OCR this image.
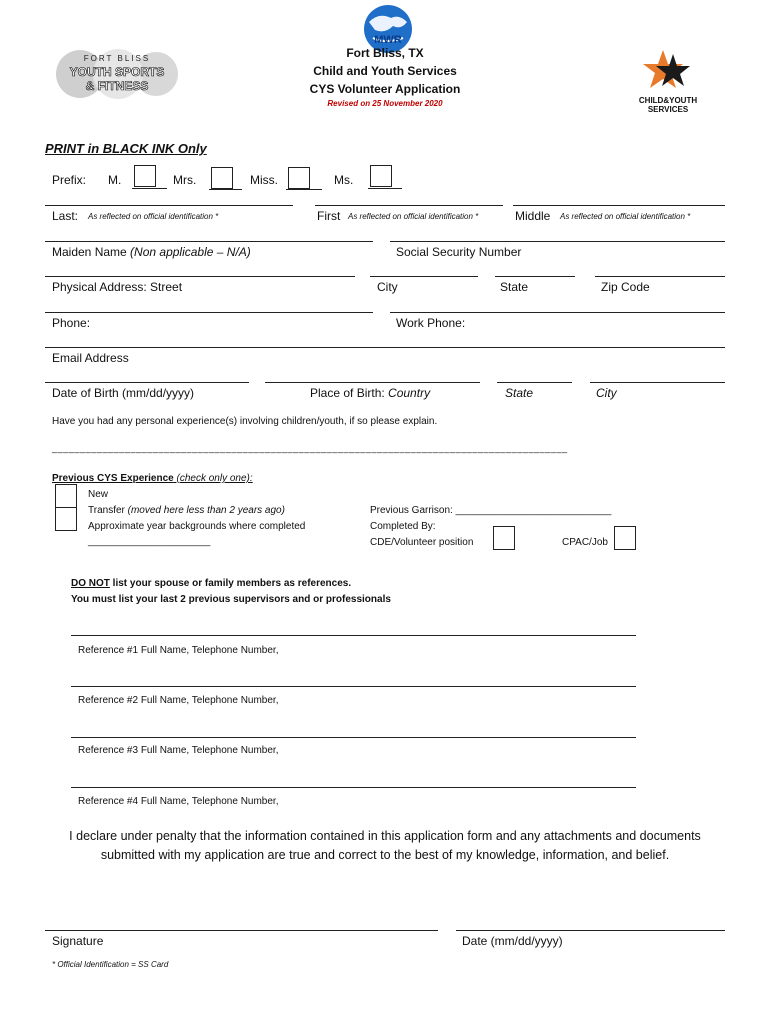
FORT BLISS
YOUTH SPORTS
& FITNESS
MWR
Fort Bliss, TX
Child and Youth Services
CYS Volunteer Application
Revised on 25 November 2020	CHILD&YOUTH SERVICES
PRINT in BLACK INK Only
Prefix: M.	Mrs.	Miss.	Ms.
Last: As reflected on official identification *	First As reflected on official identification *	Middle As reflected on official identification *
Maiden Name (Non applicable – N/A)	Social Security Number
Physical Address: Street	City	State	Zip Code
Phone:	Work Phone:
Email Address
Date of Birth (mm/dd/yyyy)	Place of Birth: Country	State	City
Have you had any personal experience(s) involving children/youth, if so please explain.
____________________________________________________________________________________________
Previous CYS Experience (check only one):
New
Transfer (moved here less than 2 years ago)
Approximate year backgrounds where completed
______________________
Previous Garrison: ____________________________
Completed By:
CDE/Volunteer position	CPAC/Job
DO NOT list your spouse or family members as references.
You must list your last 2 previous supervisors and or professionals
Reference #1 Full Name, Telephone Number,
Reference #2 Full Name, Telephone Number,
Reference #3 Full Name, Telephone Number,
Reference #4 Full Name, Telephone Number,
I declare under penalty that the information contained in this application form and any attachments and documents submitted with my application are true and correct to the best of my knowledge, information, and belief.
Signature	Date (mm/dd/yyyy)
* Official Identification = SS Card
